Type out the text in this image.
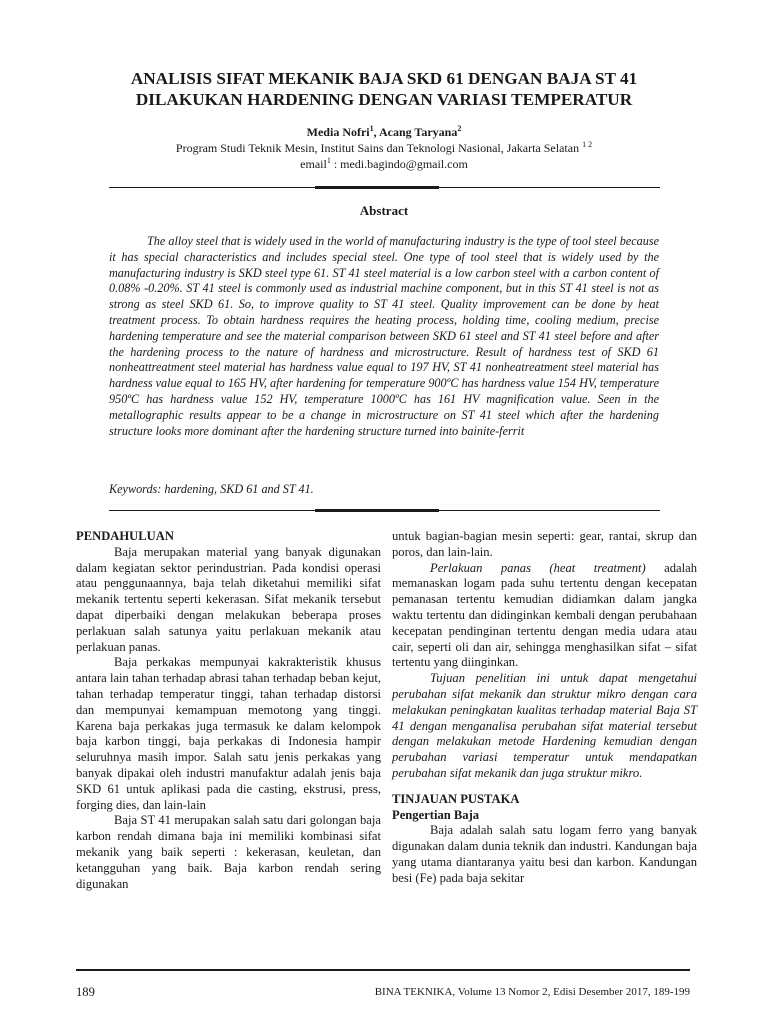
ANALISIS SIFAT MEKANIK BAJA SKD 61 DENGAN BAJA ST 41
DILAKUKAN HARDENING DENGAN VARIASI TEMPERATUR
Media Nofri$^1$, Acang Taryana$^2$
Program Studi Teknik Mesin, Institut Sains dan Teknologi Nasional, Jakarta Selatan $^{1 2}$
email$^1$ : medi.bagindo@gmail.com
Abstract

The alloy steel that is widely used in the world of manufacturing industry is the type of tool steel because it has special characteristics and includes special steel. One type of tool steel that is widely used by the manufacturing industry is SKD steel type 61. ST 41 steel material is a low carbon steel with a carbon content of 0.08% -0.20%. ST 41 steel is commonly used as industrial machine component, but in this ST 41 steel is not as strong as steel SKD 61. So, to improve quality to ST 41 steel. Quality improvement can be done by heat treatment process. To obtain hardness requires the heating process, holding time, cooling medium, precise hardening temperature and see the material comparison between SKD 61 steel and ST 41 steel before and after the hardening process to the nature of hardness and microstructure. Result of hardness test of SKD 61 nonheattreatment steel material has hardness value equal to 197 HV, ST 41 nonheatreatment steel material has hardness value equal to 165 HV, after hardening for temperature 900ºC has hardness value 154 HV, temperature 950ºC has hardness value 152 HV, temperature 1000ºC has 161 HV magnification value. Seen in the metallographic results appear to be a change in microstructure on ST 41 steel which after the hardening structure looks more dominant after the hardening structure turned into bainite-ferrit

Keywords: hardening, SKD 61 and ST 41.
PENDAHULUAN

Baja merupakan material yang banyak digunakan dalam kegiatan sektor perindustrian. Pada kondisi operasi atau penggunaannya, baja telah diketahui memiliki sifat mekanik tertentu seperti kekerasan. Sifat mekanik tersebut dapat diperbaiki dengan melakukan beberapa proses perlakuan salah satunya yaitu perlakuan mekanik atau perlakuan panas.

Baja perkakas mempunyai kakrakteristik khusus antara lain tahan terhadap abrasi tahan terhadap beban kejut, tahan terhadap temperatur tinggi, tahan terhadap distorsi dan mempunyai kemampuan memotong yang tinggi. Karena baja perkakas juga termasuk ke dalam kelompok baja karbon tinggi, baja perkakas di Indonesia hampir seluruhnya masih impor. Salah satu jenis perkakas yang banyak dipakai oleh industri manufaktur adalah jenis baja SKD 61 untuk aplikasi pada die casting, ekstrusi, press, forging dies, dan lain-lain

Baja ST 41 merupakan salah satu dari golongan baja karbon rendah dimana baja ini memiliki kombinasi sifat mekanik yang baik seperti : kekerasan, keuletan, dan ketangguhan yang baik. Baja karbon rendah sering digunakan

untuk bagian-bagian mesin seperti: gear, rantai, skrup dan poros, dan lain-lain.

Perlakuan panas (heat treatment) adalah memanaskan logam pada suhu tertentu dengan kecepatan pemanasan tertentu kemudian didiamkan dalam jangka waktu tertentu dan didinginkan kembali dengan perubahaan kecepatan pendinginan tertentu dengan media udara atau cair, seperti oli dan air, sehingga menghasilkan sifat – sifat tertentu yang diinginkan.

Tujuan penelitian ini untuk dapat mengetahui perubahan sifat mekanik dan struktur mikro dengan cara melakukan peningkatan kualitas terhadap material Baja ST 41 dengan menganalisa perubahan sifat material tersebut dengan melakukan metode Hardening kemudian dengan perubahan variasi temperatur untuk mendapatkan perubahan sifat mekanik dan juga struktur mikro.

TINJAUAN PUSTAKA
Pengertian Baja

Baja adalah salah satu logam ferro yang banyak digunakan dalam dunia teknik dan industri. Kandungan baja yang utama diantaranya yaitu besi dan karbon. Kandungan besi (Fe) pada baja sekitar

189	BINA TEKNIKA, Volume 13 Nomor 2, Edisi Desember 2017, 189-199
